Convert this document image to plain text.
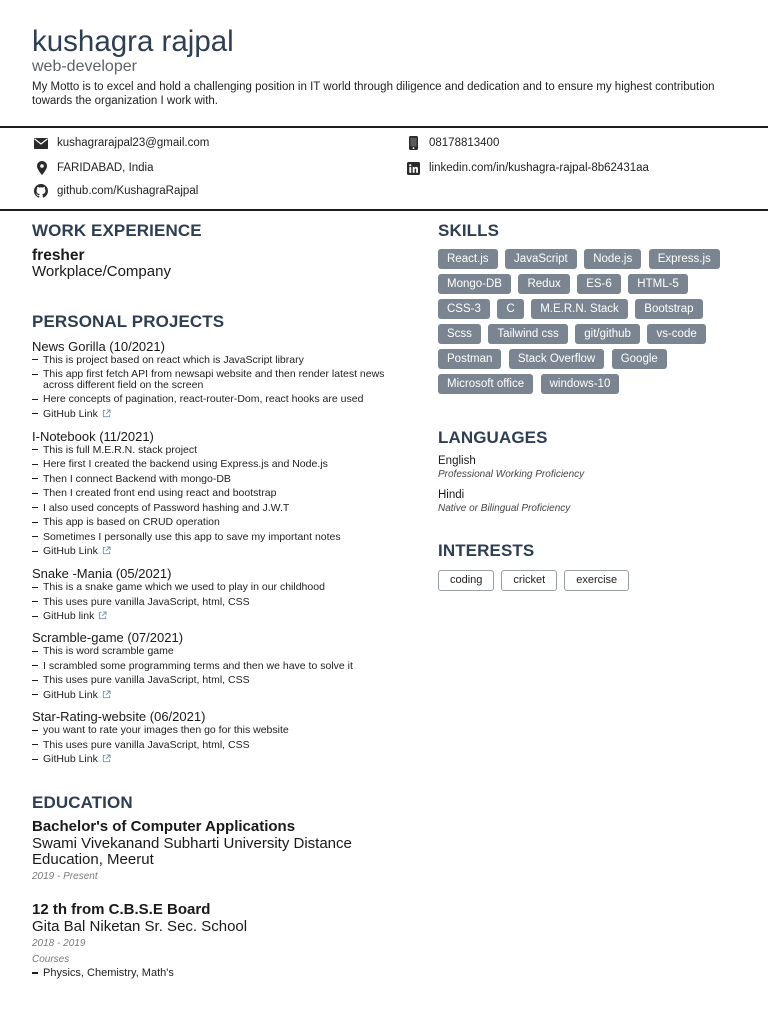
kushagra rajpal
web-developer
My Motto is to excel and hold a challenging position in IT world through diligence and dedication and to ensure my highest contribution towards the organization I work with.
kushagrarajpal23@gmail.com	08178813400
FARIDABAD, India	linkedin.com/in/kushagra-rajpal-8b62431aa
github.com/KushagraRajpal
WORK EXPERIENCE
fresher
Workplace/Company
PERSONAL PROJECTS
News Gorilla (10/2021)
This is project based on react which is JavaScript library
This app first fetch API from newsapi website and then render latest news across different field on the screen
Here concepts of pagination, react-router-Dom, react hooks are used
GitHub Link
I-Notebook (11/2021)
This is full M.E.R.N. stack project
Here first I created the backend using Express.js and Node.js
Then I connect Backend with mongo-DB
Then I created front end using react and bootstrap
I also used concepts of Password hashing and J.W.T
This app is based on CRUD operation
Sometimes I personally use this app to save my important notes
GitHub Link
Snake -Mania (05/2021)
This is a snake game which we used to play in our childhood
This uses pure vanilla JavaScript, html, CSS
GitHub link
Scramble-game (07/2021)
This is word scramble game
I scrambled some programming terms and then we have to solve it
This uses pure vanilla JavaScript, html, CSS
GitHub Link
Star-Rating-website (06/2021)
you want to rate your images then go for this website
This uses pure vanilla JavaScript, html, CSS
GitHub Link
EDUCATION
Bachelor's of Computer Applications
Swami Vivekanand Subharti University Distance Education, Meerut
2019 - Present
12 th from C.B.S.E Board
Gita Bal Niketan Sr. Sec. School
2018 - 2019
Courses
Physics, Chemistry, Math's
SKILLS
React.js	JavaScript	Node.js	Express.js
Mongo-DB	Redux	ES-6	HTML-5
CSS-3	C	M.E.R.N. Stack	Bootstrap
Scss	Tailwind css	git/github	vs-code
Postman	Stack Overflow	Google
Microsoft office	windows-10
LANGUAGES
English
Professional Working Proficiency
Hindi
Native or Bilingual Proficiency
INTERESTS
coding	cricket	exercise
